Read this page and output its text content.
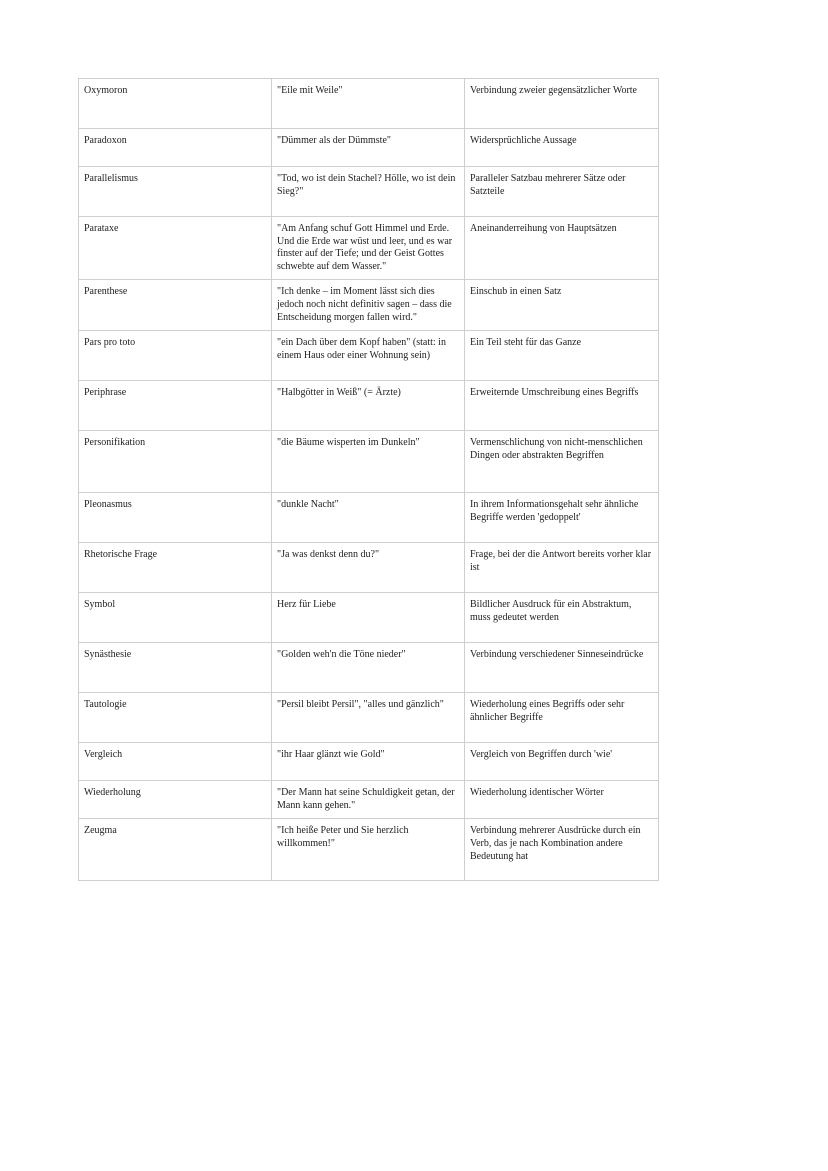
Oxymoron	"Eile mit Weile"	Verbindung zweier gegensätzlicher Worte
Paradoxon	"Dümmer als der Dümmste"	Widersprüchliche Aussage
Parallelismus	"Tod, wo ist dein Stachel? Hölle, wo ist dein Sieg?"	Paralleler Satzbau mehrerer Sätze oder Satzteile
Parataxe	"Am Anfang schuf Gott Himmel und Erde. Und die Erde war wüst und leer, und es war finster auf der Tiefe; und der Geist Gottes schwebte auf dem Wasser."	Aneinanderreihung von Hauptsätzen
Parenthese	"Ich denke – im Moment lässt sich dies jedoch noch nicht definitiv sagen – dass die Entscheidung morgen fallen wird."	Einschub in einen Satz
Pars pro toto	"ein Dach über dem Kopf haben" (statt: in einem Haus oder einer Wohnung sein)	Ein Teil steht für das Ganze
Periphrase	"Halbgötter in Weiß" (= Ärzte)	Erweiternde Umschreibung eines Begriffs
Personifikation	"die Bäume wisperten im Dunkeln"	Vermenschlichung von nicht-menschlichen Dingen oder abstrakten Begriffen
Pleonasmus	"dunkle Nacht"	In ihrem Informationsgehalt sehr ähnliche Begriffe werden 'gedoppelt'
Rhetorische Frage	"Ja was denkst denn du?"	Frage, bei der die Antwort bereits vorher klar ist
Symbol	Herz für Liebe	Bildlicher Ausdruck für ein Abstraktum, muss gedeutet werden
Synästhesie	"Golden weh'n die Töne nieder"	Verbindung verschiedener Sinneseindrücke
Tautologie	"Persil bleibt Persil", "alles und gänzlich"	Wiederholung eines Begriffs oder sehr ähnlicher Begriffe
Vergleich	"ihr Haar glänzt wie Gold"	Vergleich von Begriffen durch 'wie'
Wiederholung	"Der Mann hat seine Schuldigkeit getan, der Mann kann gehen."	Wiederholung identischer Wörter
Zeugma	"Ich heiße Peter und Sie herzlich willkommen!"	Verbindung mehrerer Ausdrücke durch ein Verb, das je nach Kombination andere Bedeutung hat
